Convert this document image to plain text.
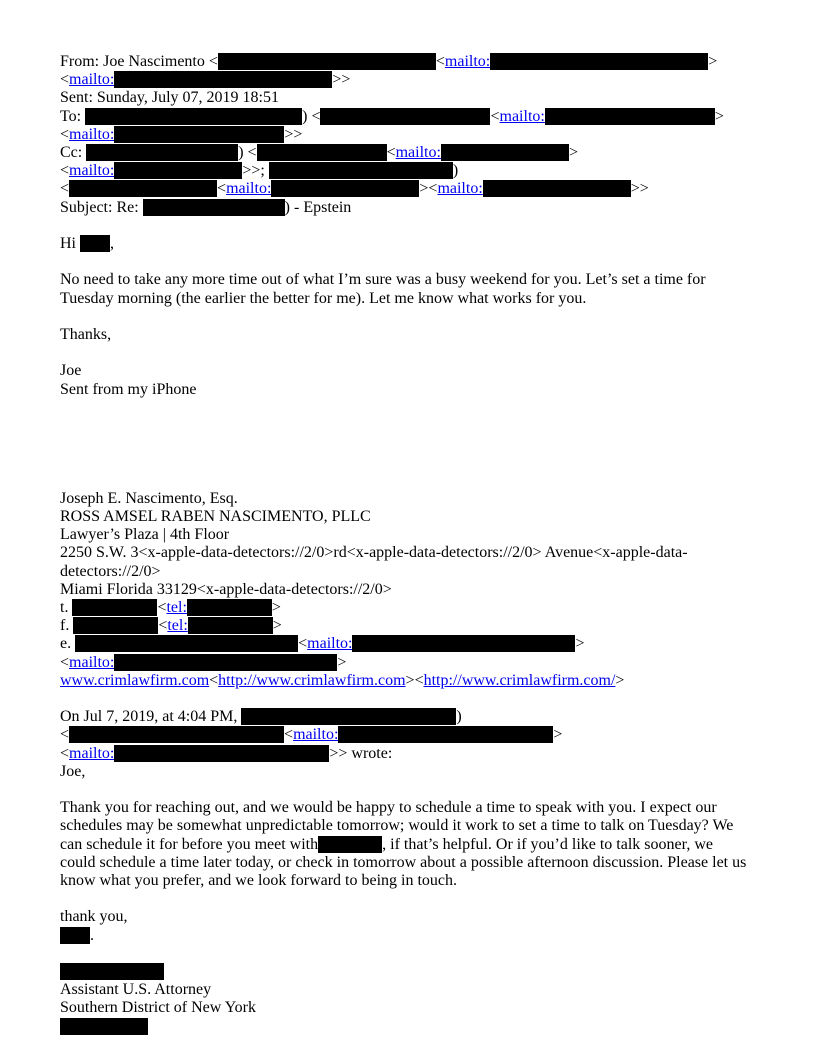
From: Joe Nascimento <	<mailto:	>
<mailto:	>>
Sent: Sunday, July 07, 2019 18:51
To:	) <	<mailto:	>
<mailto:	>>
Cc:	) <	<mailto:	>
<mailto:	>>;	)
<	<mailto:	><mailto:	>>
Subject: Re:	) - Epstein
Hi ,
No need to take any more time out of what I’m sure was a busy weekend for you. Let’s set a time for Tuesday morning (the earlier the better for me). Let me know what works for you.
Thanks,
Joe
Sent from my iPhone
Joseph E. Nascimento, Esq.
ROSS AMSEL RABEN NASCIMENTO, PLLC
Lawyer’s Plaza | 4th Floor
2250 S.W. 3<x-apple-data-detectors://2/0>rd<x-apple-data-detectors://2/0> Avenue<x-apple-data-detectors://2/0>
Miami Florida 33129<x-apple-data-detectors://2/0>
t.	<tel:	>
f.	<tel:	>
e.	<mailto:	>
<mailto:	>
www.crimlawfirm.com<http://www.crimlawfirm.com><http://www.crimlawfirm.com/>
On Jul 7, 2019, at 4:04 PM,	)
<	<mailto:	>
<mailto:	>> wrote:
Joe,
Thank you for reaching out, and we would be happy to schedule a time to speak with you. I expect our schedules may be somewhat unpredictable tomorrow; would it work to set a time to talk on Tuesday? We can schedule it for before you meet with	, if that’s helpful. Or if you’d like to talk sooner, we could schedule a time later today, or check in tomorrow about a possible afternoon discussion. Please let us know what you prefer, and we look forward to being in touch.
thank you,
.
Assistant U.S. Attorney
Southern District of New York
